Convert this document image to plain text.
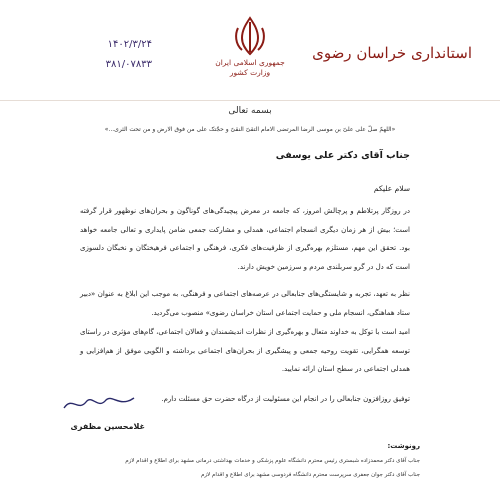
استانداری خراسان رضوی
جمهوری اسلامی ایران
وزارت کشور
۱۴۰۲/۳/۲۴
۳۸۱/۰۷۸۳۳
بسمه تعالی
«اللهمّ صلّ علی علیّ بن موسی الرضا المرتضی الامام التقیّ النقیّ و حجّتک علی من فوق الارض و من تحت الثری...»
جناب آقای دکتر علی یوسفی
سلام علیکم
در روزگار پرتلاطم و پرچالش امروز، که جامعه در معرض پیچیدگی‌های گوناگون و بحران‌های نوظهور قرار گرفته است؛ بیش از هر زمان دیگری انسجام اجتماعی، همدلی و مشارکت جمعی ضامن پایداری و تعالی جامعه خواهد بود. تحقق این مهم، مستلزم بهره‌گیری از ظرفیت‌های فکری، فرهنگی و اجتماعی فرهیختگان و نخبگان دلسوزی است که دل در گرو سربلندی مردم و سرزمین خویش دارند.
نظر به تعهد، تجربه و شایستگی‌های جنابعالی در عرصه‌های اجتماعی و فرهنگی، به موجب این ابلاغ به عنوان «دبیر ستاد هماهنگی، انسجام ملی و حمایت اجتماعی استان خراسان رضوی» منصوب می‌گردید.
امید است با توکل به خداوند متعال و بهره‌گیری از نظرات اندیشمندان و فعالان اجتماعی، گام‌های مؤثری در راستای توسعه همگرایی، تقویت روحیه جمعی و پیشگیری از بحران‌های اجتماعی برداشته و الگویی موفق از هم‌افزایی و همدلی اجتماعی در سطح استان ارائه نمایید.
توفیق روزافزون جنابعالی را در انجام این مسئولیت از درگاه حضرت حق مسئلت دارم.
غلامحسین مظفری
رونوشت:
جناب آقای دکتر محمدزاده شبستری رئیس محترم دانشگاه علوم پزشکی و خدمات بهداشتی درمانی مشهد برای اطلاع و اقدام لازم
جناب آقای دکتر جوان جعفری سرپرست محترم دانشگاه فردوسی مشهد برای اطلاع و اقدام لازم
